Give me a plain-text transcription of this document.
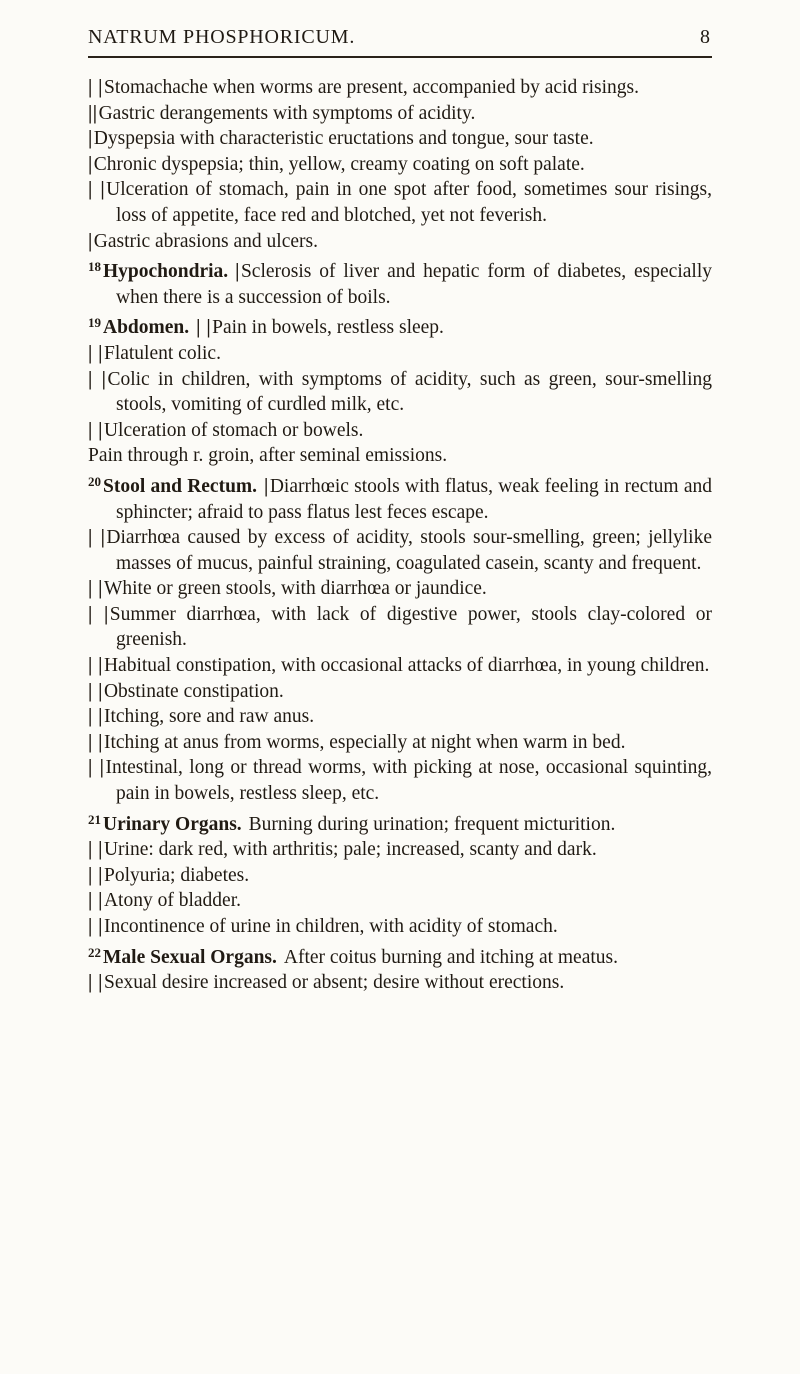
NATRUM PHOSPHORICUM.	8

| |Stomachache when worms are present, accompanied by acid risings.

||Gastric derangements with symptoms of acidity.

|Dyspepsia with characteristic eructations and tongue, sour taste.

|Chronic dyspepsia; thin, yellow, creamy coating on soft palate.

| |Ulceration of stomach, pain in one spot after food, sometimes sour risings, loss of appetite, face red and blotched, yet not feverish.

|Gastric abrasions and ulcers.

$^{18}$ Hypochondria. |Sclerosis of liver and hepatic form of diabetes, especially when there is a succession of boils.

$^{19}$ Abdomen. | |Pain in bowels, restless sleep.

| |Flatulent colic.

| |Colic in children, with symptoms of acidity, such as green, sour-smelling stools, vomiting of curdled milk, etc.

| |Ulceration of stomach or bowels.

Pain through r. groin, after seminal emissions.

$^{20}$ Stool and Rectum. |Diarrhœic stools with flatus, weak feeling in rectum and sphincter; afraid to pass flatus lest feces escape.

| |Diarrhœa caused by excess of acidity, stools sour-smelling, green; jellylike masses of mucus, painful straining, coagulated casein, scanty and frequent.

| |White or green stools, with diarrhœa or jaundice.

| |Summer diarrhœa, with lack of digestive power, stools clay-colored or greenish.

| |Habitual constipation, with occasional attacks of diarrhœa, in young children.

| |Obstinate constipation.

| |Itching, sore and raw anus.

| |Itching at anus from worms, especially at night when warm in bed.

| |Intestinal, long or thread worms, with picking at nose, occasional squinting, pain in bowels, restless sleep, etc.

$^{21}$ Urinary Organs. Burning during urination; frequent micturition.

| |Urine: dark red, with arthritis; pale; increased, scanty and dark.

| |Polyuria; diabetes.

| |Atony of bladder.

| |Incontinence of urine in children, with acidity of stomach.

$^{22}$ Male Sexual Organs. After coitus burning and itching at meatus.

| |Sexual desire increased or absent; desire without erections.
